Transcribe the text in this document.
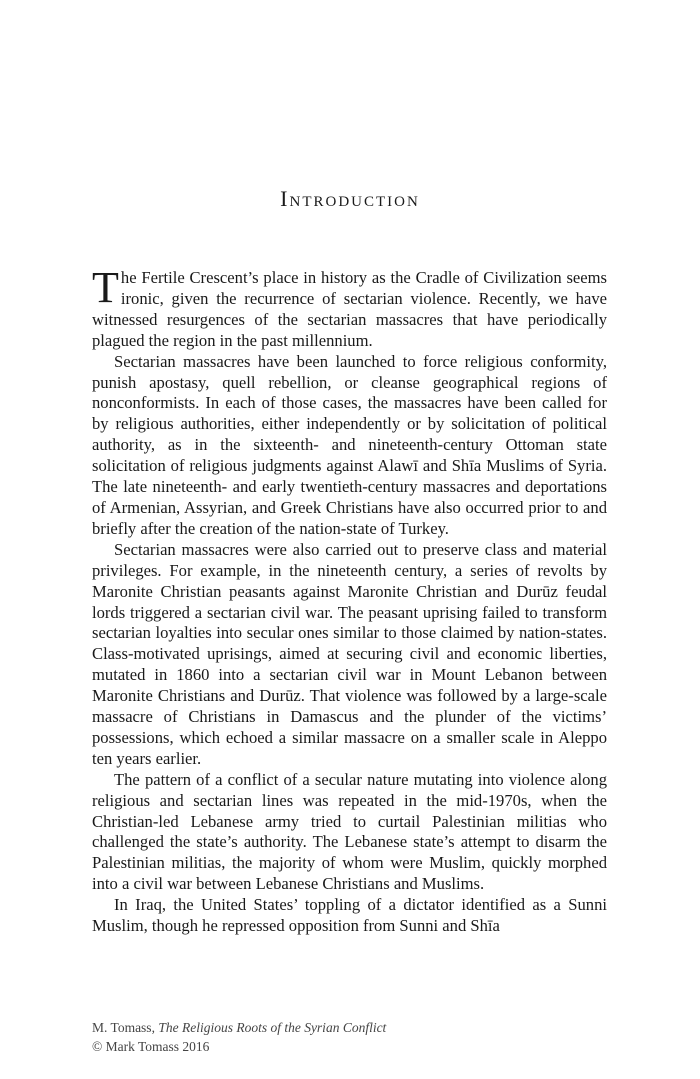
Introduction

The Fertile Crescent’s place in history as the Cradle of Civilization seems ironic, given the recurrence of sectarian violence. Recently, we have witnessed resurgences of the sectarian massacres that have periodically plagued the region in the past millennium.

Sectarian massacres have been launched to force religious conformity, punish apostasy, quell rebellion, or cleanse geographical regions of nonconformists. In each of those cases, the massacres have been called for by religious authorities, either independently or by solicitation of political authority, as in the sixteenth- and nineteenth-century Ottoman state solicitation of religious judgments against Alawī and Shīa Muslims of Syria. The late nineteenth- and early twentieth-century massacres and deportations of Armenian, Assyrian, and Greek Christians have also occurred prior to and briefly after the creation of the nation-state of Turkey.

Sectarian massacres were also carried out to preserve class and material privileges. For example, in the nineteenth century, a series of revolts by Maronite Christian peasants against Maronite Christian and Durūz feudal lords triggered a sectarian civil war. The peasant uprising failed to transform sectarian loyalties into secular ones similar to those claimed by nation-states. Class-motivated uprisings, aimed at securing civil and economic liberties, mutated in 1860 into a sectarian civil war in Mount Lebanon between Maronite Christians and Durūz. That violence was followed by a large-scale massacre of Christians in Damascus and the plunder of the victims’ possessions, which echoed a similar massacre on a smaller scale in Aleppo ten years earlier.

The pattern of a conflict of a secular nature mutating into violence along religious and sectarian lines was repeated in the mid-1970s, when the Christian-led Lebanese army tried to curtail Palestinian militias who challenged the state’s authority. The Lebanese state’s attempt to disarm the Palestinian militias, the majority of whom were Muslim, quickly morphed into a civil war between Lebanese Christians and Muslims.

In Iraq, the United States’ toppling of a dictator identified as a Sunni Muslim, though he repressed opposition from Sunni and Shīa

M. Tomass, The Religious Roots of the Syrian Conflict
© Mark Tomass 2016
